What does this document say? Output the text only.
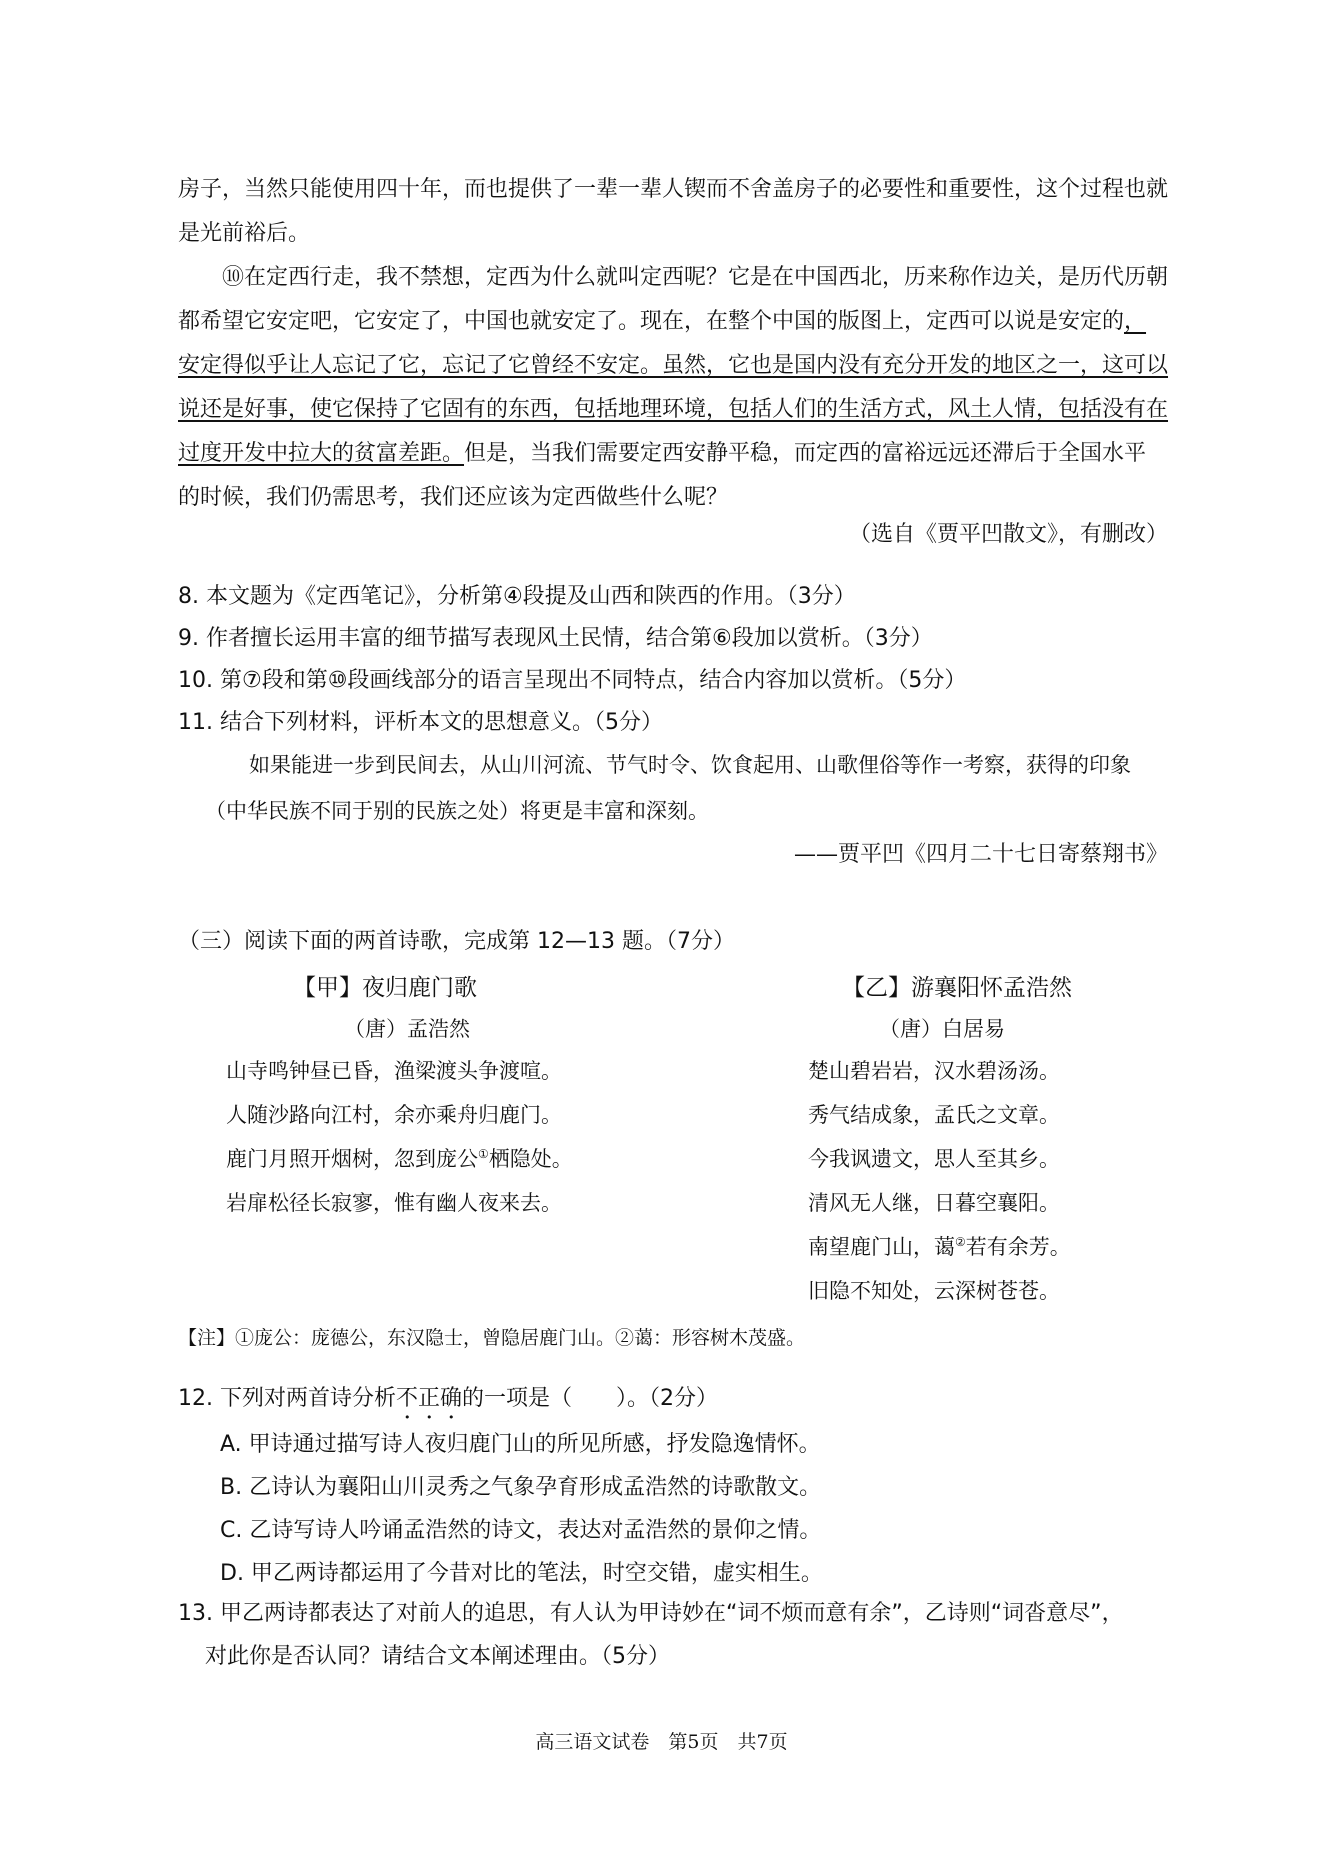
房子，当然只能使用四十年，而也提供了一辈一辈人锲而不舍盖房子的必要性和重要性，这个过程也就

是光前裕后。

⑩在定西行走，我不禁想，定西为什么就叫定西呢？它是在中国西北，历来称作边关，是历代历朝都希望它安定吧，它安定了，中国也就安定了。现在，在整个中国的版图上，定西可以说是安定的，安定得似乎让人忘记了它，忘记了它曾经不安定。虽然，它也是国内没有充分开发的地区之一，这可以说还是好事，使它保持了它固有的东西，包括地理环境，包括人们的生活方式，风土人情，包括没有在过度开发中拉大的贫富差距。但是，当我们需要定西安静平稳，而定西的富裕远远还滞后于全国水平的时候，我们仍需思考，我们还应该为定西做些什么呢？

（选自《贾平凹散文》，有删改）

8. 本文题为《定西笔记》，分析第④段提及山西和陕西的作用。（3分）

9. 作者擅长运用丰富的细节描写表现风土民情，结合第⑥段加以赏析。（3分）

10. 第⑦段和第⑩段画线部分的语言呈现出不同特点，结合内容加以赏析。（5分）

11. 结合下列材料，评析本文的思想意义。（5分）

如果能进一步到民间去，从山川河流、节气时令、饮食起用、山歌俚俗等作一考察，获得的印象（中华民族不同于别的民族之处）将更是丰富和深刻。

——贾平凹《四月二十七日寄蔡翔书》
（三）阅读下面的两首诗歌，完成第 12—13 题。（7分）
【甲】夜归鹿门歌
（唐）孟浩然
山寺鸣钟昼已昏，渔梁渡头争渡喧。
人随沙路向江村，余亦乘舟归鹿门。
鹿门月照开烟树，忽到庞公①栖隐处。
岩扉松径长寂寥，惟有幽人夜来去。
【乙】游襄阳怀孟浩然
（唐）白居易
楚山碧岩岩，汉水碧汤汤。
秀气结成象，孟氏之文章。
今我讽遗文，思人至其乡。
清风无人继，日暮空襄阳。
南望鹿门山，蔼②若有余芳。
旧隐不知处，云深树苍苍。
【注】①庞公：庞德公，东汉隐士，曾隐居鹿门山。②蔼：形容树木茂盛。
12. 下列对两首诗分析不正确的一项是（　　）。（2分）
A. 甲诗通过描写诗人夜归鹿门山的所见所感，抒发隐逸情怀。
B. 乙诗认为襄阳山川灵秀之气象孕育形成孟浩然的诗歌散文。
C. 乙诗写诗人吟诵孟浩然的诗文，表达对孟浩然的景仰之情。
D. 甲乙两诗都运用了今昔对比的笔法，时空交错，虚实相生。
13. 甲乙两诗都表达了对前人的追思，有人认为甲诗妙在“词不烦而意有余”，乙诗则“词沓意尽”，
对此你是否认同？请结合文本阐述理由。（5分）
高三语文试卷　第5页　共7页
